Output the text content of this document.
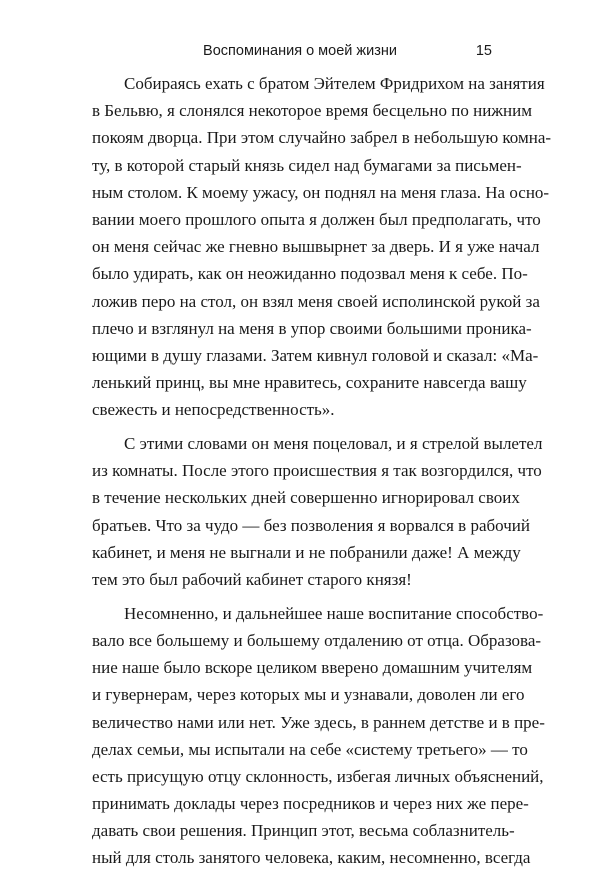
Воспоминания о моей жизни	15
Собираясь ехать с братом Эйтелем Фридрихом на занятия
в Бельвю, я слонялся некоторое время бесцельно по нижним
покоям дворца. При этом случайно забрел в небольшую комна-
ту, в которой старый князь сидел над бумагами за письмен-
ным столом. К моему ужасу, он поднял на меня глаза. На осно-
вании моего прошлого опыта я должен был предполагать, что
он меня сейчас же гневно вышвырнет за дверь. И я уже начал
было удирать, как он неожиданно подозвал меня к себе. По-
ложив перо на стол, он взял меня своей исполинской рукой за
плечо и взглянул на меня в упор своими большими проника-
ющими в душу глазами. Затем кивнул головой и сказал: «Ма-
ленький принц, вы мне нравитесь, сохраните навсегда вашу
свежесть и непосредственность».
С этими словами он меня поцеловал, и я стрелой вылетел
из комнаты. После этого происшествия я так возгордился, что
в течение нескольких дней совершенно игнорировал своих
братьев. Что за чудо — без позволения я ворвался в рабочий
кабинет, и меня не выгнали и не побранили даже! А между
тем это был рабочий кабинет старого князя!
Несомненно, и дальнейшее наше воспитание способство-
вало все большему и большему отдалению от отца. Образова-
ние наше было вскоре целиком вверено домашним учителям
и гувернерам, через которых мы и узнавали, доволен ли его
величество нами или нет. Уже здесь, в раннем детстве и в пре-
делах семьи, мы испытали на себе «систему третьего» — то
есть присущую отцу склонность, избегая личных объяснений,
принимать доклады через посредников и через них же пере-
давать свои решения. Принцип этот, весьма соблазнитель-
ный для столь занятого человека, каким, несомненно, всегда
